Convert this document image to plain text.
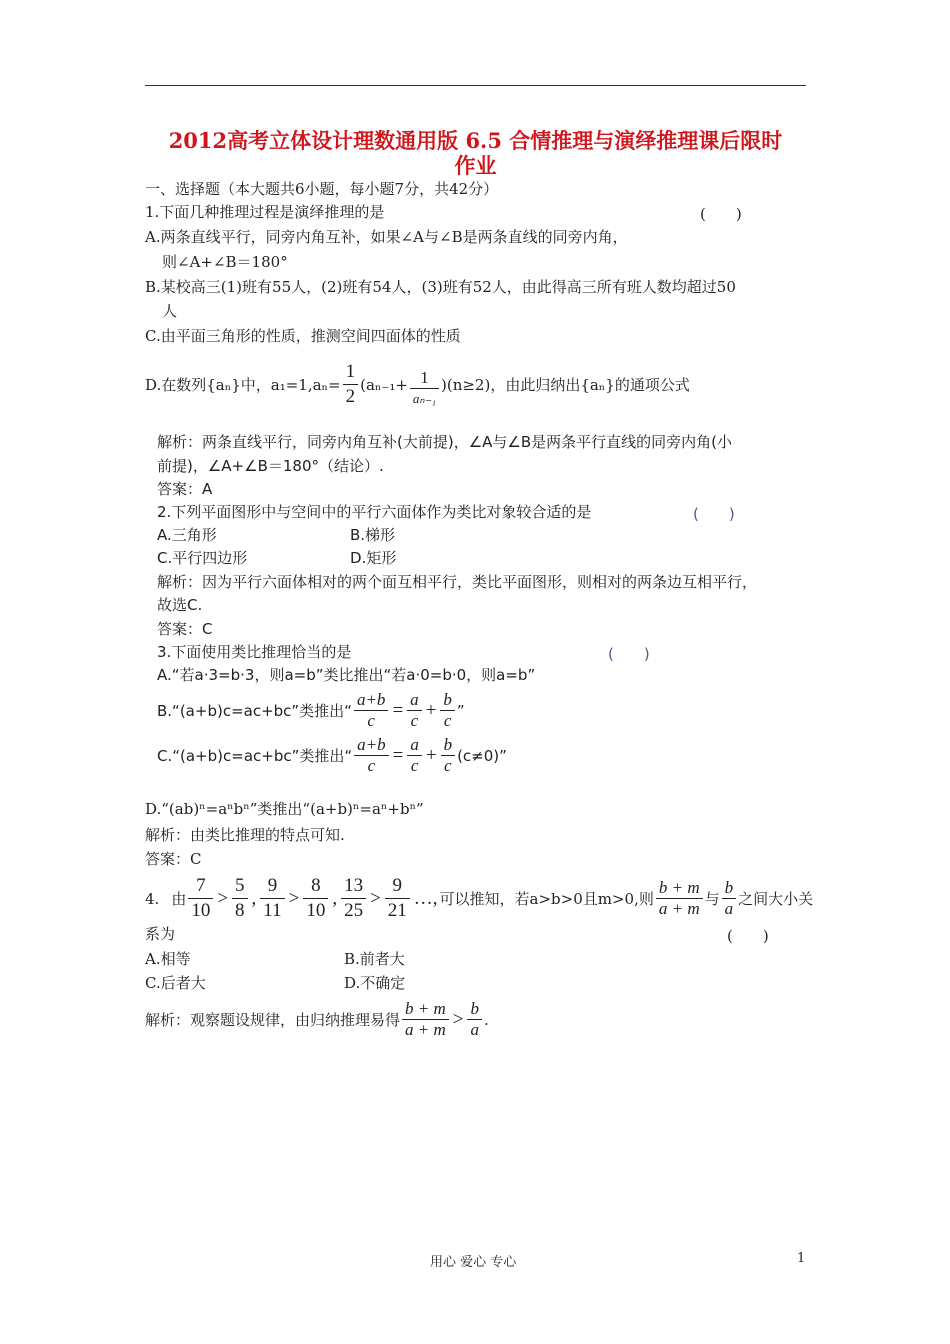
2012高考立体设计理数通用版 6.5 合情推理与演绎推理课后限时
作业
一、选择题（本大题共6小题，每小题7分，共42分）
1.下面几种推理过程是演绎推理的是	(　　)
A.两条直线平行，同旁内角互补，如果∠A与∠B是两条直线的同旁内角，
则∠A+∠B＝180°
B.某校高三(1)班有55人，(2)班有54人，(3)班有52人，由此得高三所有班人数均超过50
人
C.由平面三角形的性质，推测空间四面体的性质
D.在数列{aₙ}中，$a_1=1,a_n= \frac{1}{2} (a_{n-1}+ \frac{1}{\text{aₙ₋₁}} )(n\ge 2)$，由此归纳出{aₙ}的通项公式
解析：两条直线平行，同旁内角互补(大前提)，∠A与∠B是两条平行直线的同旁内角(小
前提)，∠A+∠B＝180°（结论）.
答案：A
2.下列平面图形中与空间中的平行六面体作为类比对象较合适的是	(　　)
A.三角形	B.梯形
C.平行四边形	D.矩形
解析：因为平行六面体相对的两个面互相平行，类比平面图形，则相对的两条边互相平行，
故选C.
答案：C
3.下面使用类比推理恰当的是	(　　)
A.“若a·3=b·3，则a=b”类比推出“若a·0=b·0，则a=b”
B.“(a+b)c=ac+bc”类推出“ $\frac{a+b}{c} = \frac{a}{c} + \frac{b}{c}$ ”
C.“(a+b)c=ac+bc”类推出“ $\frac{a+b}{c} = \frac{a}{c} + \frac{b}{c} (c\ne 0)$”
D.“(ab)ⁿ=aⁿbⁿ”类推出“(a+b)ⁿ=aⁿ+bⁿ”
解析：由类比推理的特点可知.
答案：C
4. 由 $\frac{7}{10} > \frac{5}{8}$ , $\frac{9}{11} > \frac{8}{10}$ , $\frac{13}{25} > \frac{9}{21}$ …, 可以推知，若a>b>0且m>0,则 $\frac{b + m}{a + m}$ 与 $\frac{b}{a}$ 之间大小关
系为	(　　)
A.相等	B.前者大
C.后者大	D.不确定
解析：观察题设规律，由归纳推理易得 $\frac{b + m}{a + m} > \frac{b}{a}$ .
用心 爱心 专心	1
